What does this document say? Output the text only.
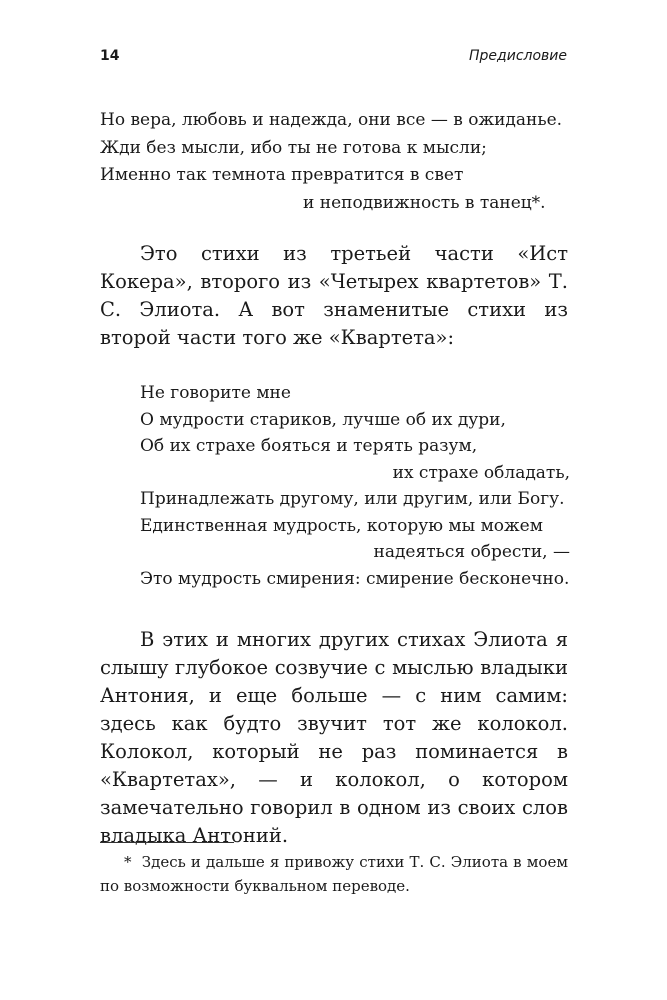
14	Предисловие
Но вера, любовь и надежда, они все — в ожиданье.
Жди без мысли, ибо ты не готова к мысли;
Именно так темнота превратится в свет
и неподвижность в танец*.
Это стихи из третьей части «Ист Кокера», второго из «Четырех квартетов» Т. С. Элиота. А вот знаменитые стихи из второй части того же «Квартета»:
Не говорите мне
О мудрости стариков, лучше об их дури,
Об их страхе бояться и терять разум,
их страхе обладать,
Принадлежать другому, или другим, или Богу.
Единственная мудрость, которую мы можем
надеяться обрести, —
Это мудрость смирения: смирение бесконечно.
В этих и многих других стихах Элиота я слышу глубокое созвучие с мыслью владыки Антония, и еще больше — с ним самим: здесь как будто звучит тот же колокол. Колокол, который не раз поминается в «Квартетах», — и колокол, о котором замечательно говорил в одном из своих слов владыка Антоний.
* Здесь и дальше я привожу стихи Т. С. Элиота в моем по возможности буквальном переводе.
